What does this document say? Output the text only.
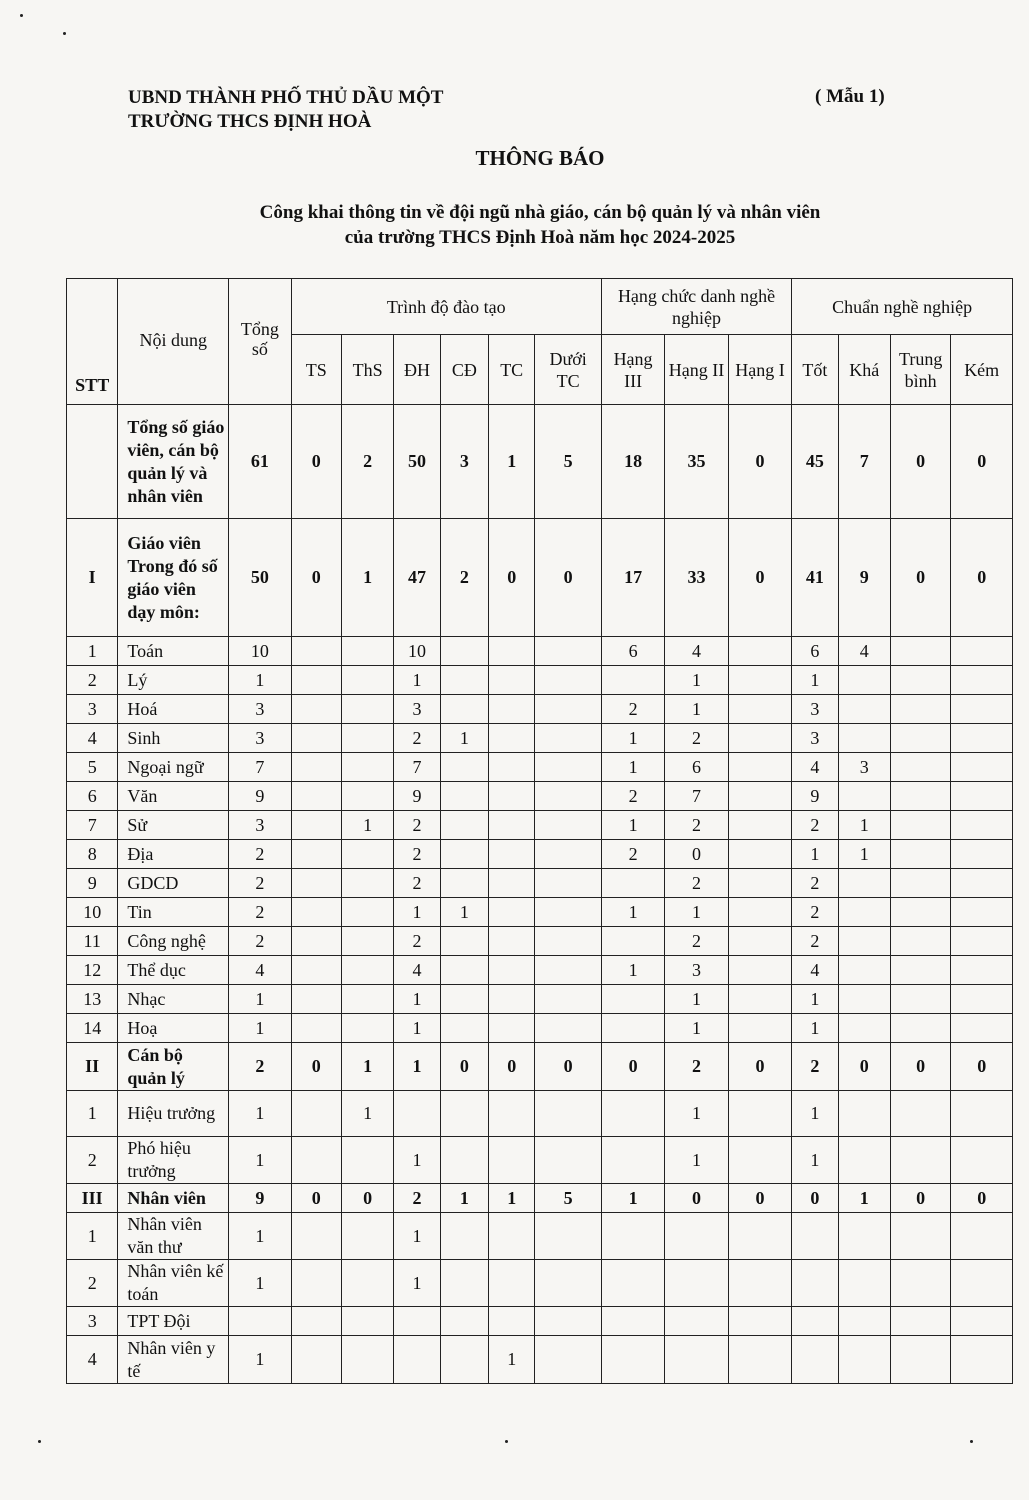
UBND THÀNH PHỐ THỦ DẦU MỘT
TRƯỜNG THCS ĐỊNH HOÀ
( Mẫu 1)
THÔNG BÁO
Công khai thông tin về đội ngũ nhà giáo, cán bộ quản lý và nhân viên
của trường THCS Định Hoà năm học 2024-2025
STT	Nội dung	Tổng số	Trình độ đào tạo						Hạng chức danh nghề nghiệp			Chuẩn nghề nghiệp			
			TS	ThS	ĐH	CĐ	TC	Dưới TC	Hạng III	Hạng II	Hạng I	Tốt	Khá	Trung bình	Kém
	Tổng số giáo viên, cán bộ quản lý và nhân viên	61	0	2	50	3	1	5	18	35	0	45	7	0	0
I	Giáo viên Trong đó số giáo viên dạy môn:	50	0	1	47	2	0	0	17	33	0	41	9	0	0
1	Toán	10			10				6	4		6	4		
2	Lý	1			1					1		1			
3	Hoá	3			3				2	1		3			
4	Sinh	3			2	1			1	2		3			
5	Ngoại ngữ	7			7				1	6		4	3		
6	Văn	9			9				2	7		9			
7	Sử	3		1	2				1	2		2	1		
8	Địa	2			2				2	0		1	1		
9	GDCD	2			2					2		2			
10	Tin	2			1	1			1	1		2			
11	Công nghệ	2			2					2		2			
12	Thể dục	4			4				1	3		4			
13	Nhạc	1			1					1		1			
14	Hoạ	1			1					1		1			
II	Cán bộ quản lý	2	0	1	1	0	0	0	0	2	0	2	0	0	0
1	Hiệu trưởng	1		1						1		1			
2	Phó hiệu trưởng	1			1					1		1			
III	Nhân viên	9	0	0	2	1	1	5	1	0	0	0	1	0	0
1	Nhân viên văn thư	1			1										
2	Nhân viên kế toán	1			1										
3	TPT Đội														
4	Nhân viên y tế	1					1								
